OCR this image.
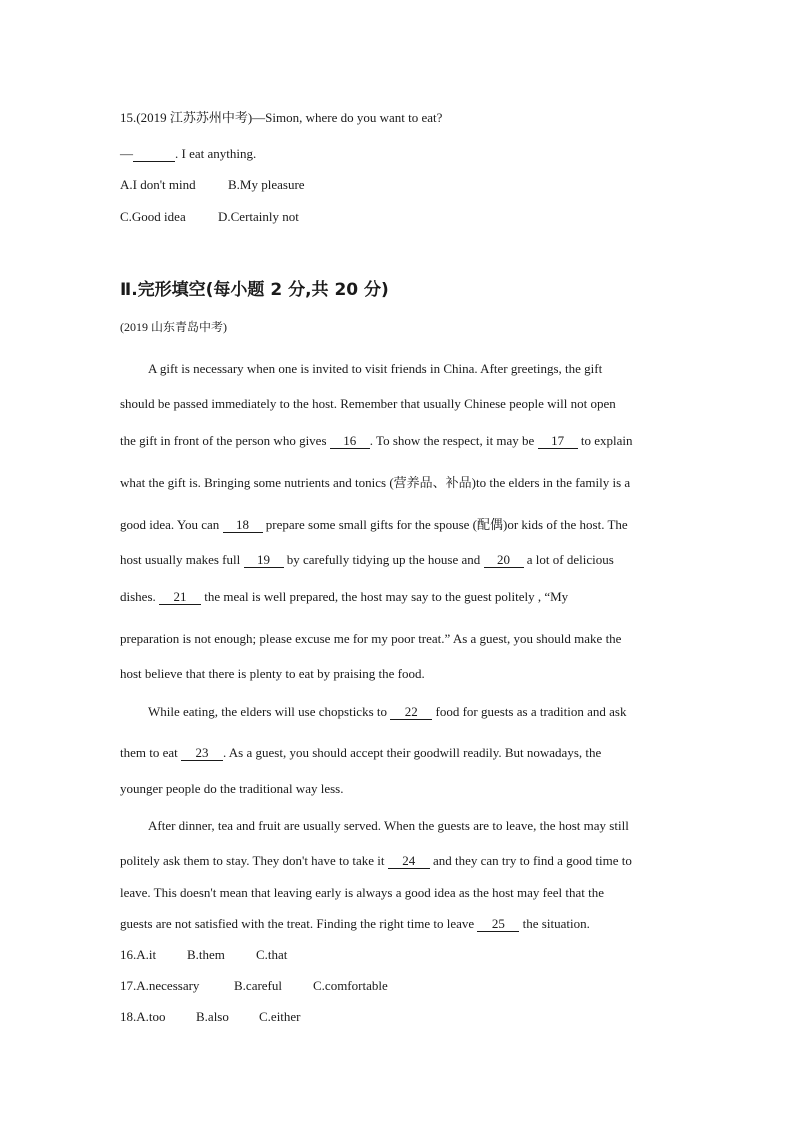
15.(2019 江苏苏州中考)—Simon, where do you want to eat?
—	. I eat anything.
A.I don't mind B.My pleasure
C.Good idea D.Certainly not
Ⅱ.完形填空(每小题 2 分,共 20 分)
(2019 山东青岛中考)
A gift is necessary when one is invited to visit friends in China. After greetings, the gift
should be passed immediately to the host. Remember that usually Chinese people will not open
the gift in front of the person who gives 16 . To show the respect, it may be 17 to explain
what the gift is. Bringing some nutrients and tonics (营养品、补品)to the elders in the family is a
good idea. You can 18 prepare some small gifts for the spouse (配偶)or kids of the host. The
host usually makes full 19 by carefully tidying up the house and 20 a lot of delicious
dishes. 21 the meal is well prepared, the host may say to the guest politely , “My
preparation is not enough; please excuse me for my poor treat.” As a guest, you should make the
host believe that there is plenty to eat by praising the food.
While eating, the elders will use chopsticks to 22 food for guests as a tradition and ask
them to eat 23 . As a guest, you should accept their goodwill readily. But nowadays, the
younger people do the traditional way less.
After dinner, tea and fruit are usually served. When the guests are to leave, the host may still
politely ask them to stay. They don't have to take it 24 and they can try to find a good time to
leave. This doesn't mean that leaving early is always a good idea as the host may feel that the
guests are not satisfied with the treat. Finding the right time to leave 25 the situation.
16.A.it B.them C.that
17.A.necessary	B.careful C.comfortable
18.A.too B.also C.either
